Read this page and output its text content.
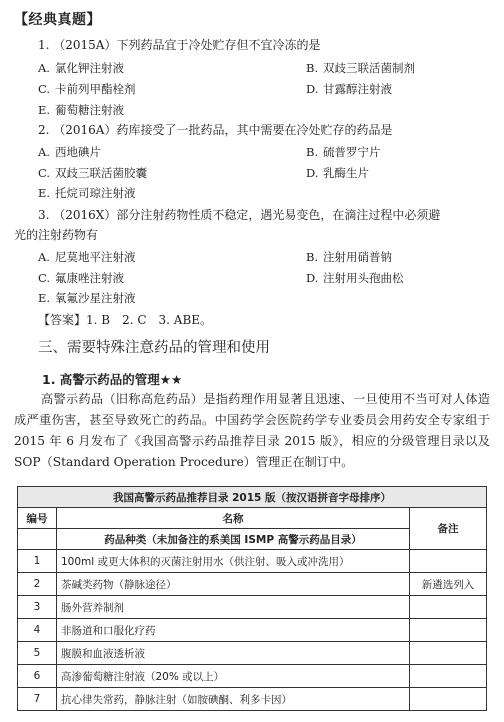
【经典真题】
1. （2015A）下列药品宜于冷处贮存但不宜冷冻的是
A. 氯化钾注射液	B. 双歧三联活菌制剂
C. 卡前列甲酯栓剂	D. 甘露醇注射液
E. 葡萄糖注射液
2. （2016A）药库接受了一批药品，其中需要在冷处贮存的药品是
A. 西地碘片	B. 硫普罗宁片
C. 双歧三联活菌胶囊	D. 乳酶生片
E. 托烷司琼注射液
3. （2016X）部分注射药物性质不稳定，遇光易变色，在滴注过程中必须避
光的注射药物有
A. 尼莫地平注射液	B. 注射用硝普钠
C. 氟康唑注射液	D. 注射用头孢曲松
E. 氧氟沙星注射液
【答案】1. B　2. C　3. ABE。
三、需要特殊注意药品的管理和使用
1. 高警示药品的管理★★
高警示药品（旧称高危药品）是指药理作用显著且迅速、一旦使用不当可对人体造成严重伤害，甚至导致死亡的药品。中国药学会医院药学专业委员会用药安全专家组于 2015 年 6 月发布了《我国高警示药品推荐目录 2015 版》，相应的分级管理目录以及 SOP（Standard Operation Procedure）管理正在制订中。
我国高警示药品推荐目录 2015 版（按汉语拼音字母排序）		
编号	名称	备注
	药品种类（未加备注的系美国 ISMP 高警示药品目录）	
1	100ml 或更大体积的灭菌注射用水（供注射、吸入或冲洗用）	
2	茶碱类药物（静脉途径）	新遴选列入
3	肠外营养制剂	
4	非肠道和口服化疗药	
5	腹膜和血液透析液	
6	高渗葡萄糖注射液（20% 或以上）	
7	抗心律失常药，静脉注射（如胺碘酮、利多卡因）	
